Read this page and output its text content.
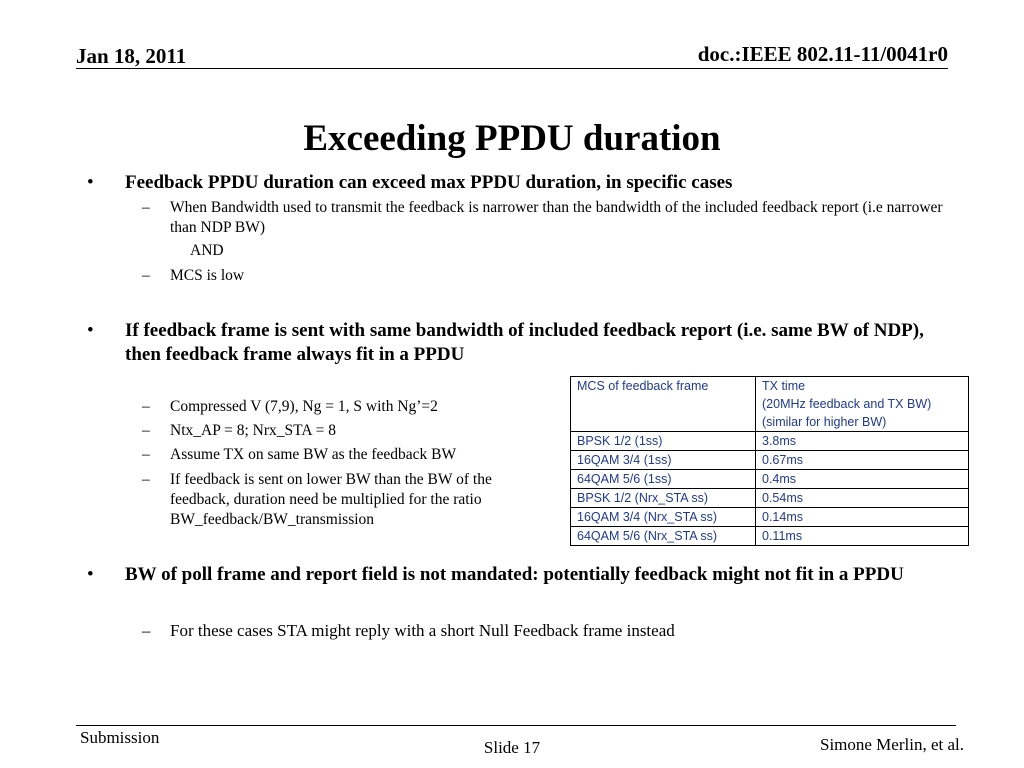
Jan 18, 2011	doc.:IEEE 802.11-11/0041r0
Exceeding PPDU duration
• Feedback PPDU duration can exceed max PPDU duration, in specific cases
– When Bandwidth used to transmit the feedback is narrower than the bandwidth of the included feedback report (i.e narrower than NDP BW)
AND
– MCS is low
• If feedback frame is sent with same bandwidth of included feedback report (i.e. same BW of NDP), then feedback frame always fit in a PPDU
– Compressed V (7,9), Ng = 1, S with Ng’=2
– Ntx_AP = 8; Nrx_STA = 8
– Assume TX on same BW as the feedback BW
– If feedback is sent on lower BW than the BW of the feedback, duration need be multiplied for the ratio BW_feedback/BW_transmission
MCS of feedback frame	TX time
(20MHz feedback and TX BW)
(similar for higher BW)

BPSK 1/2 (1ss)	3.8ms
16QAM 3/4 (1ss)	0.67ms
64QAM 5/6 (1ss)	0.4ms
BPSK 1/2 (Nrx_STA ss)	0.54ms
16QAM 3/4 (Nrx_STA ss)	0.14ms
64QAM 5/6 (Nrx_STA ss)	0.11ms
• BW of poll frame and report field is not mandated: potentially feedback might not fit in a PPDU
– For these cases STA might reply with a short Null Feedback frame instead
Submission
Slide 17	Simone Merlin, et al.
